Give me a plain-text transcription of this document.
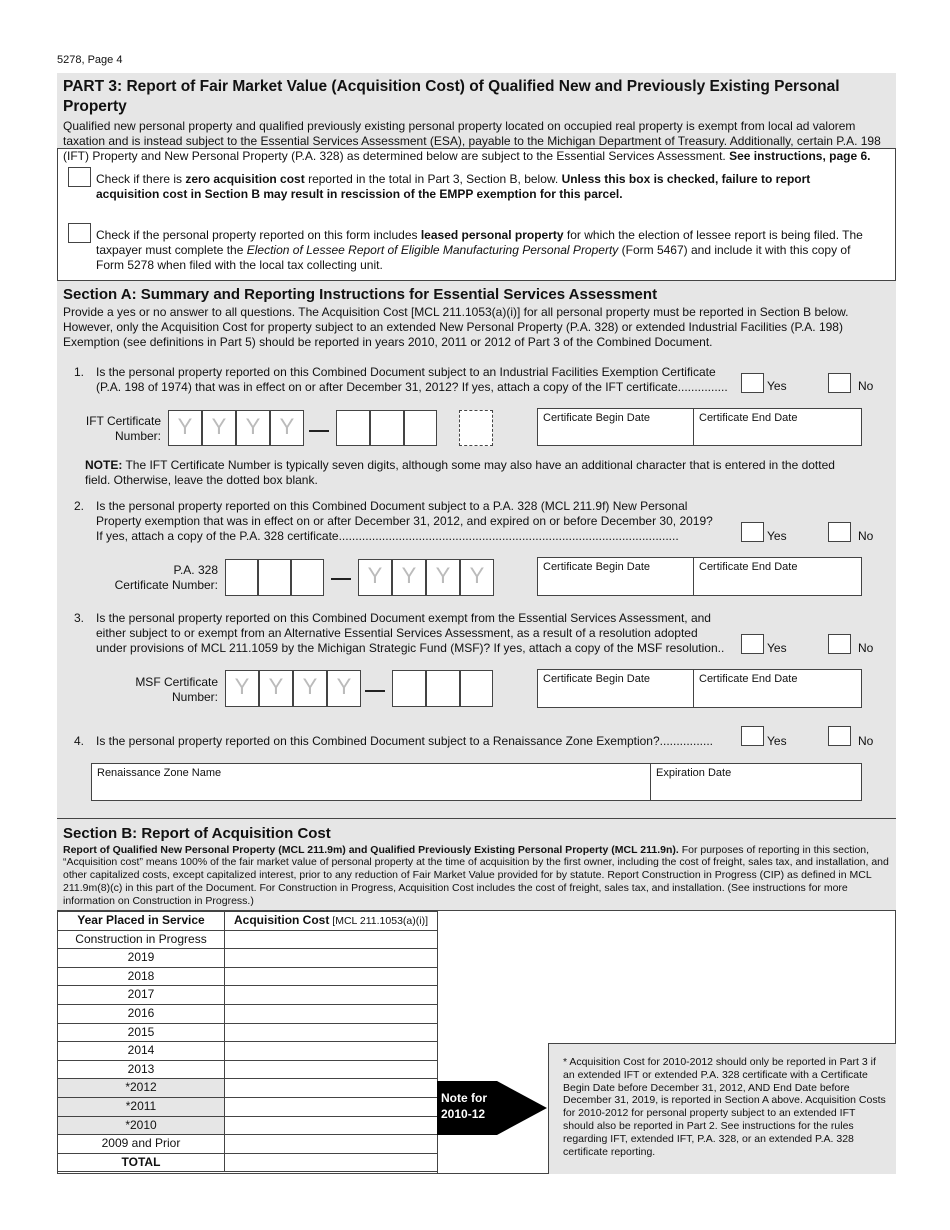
5278, Page 4
PART 3: Report of Fair Market Value (Acquisition Cost) of Qualified New and Previously Existing Personal Property

Qualified new personal property and qualified previously existing personal property located on occupied real property is exempt from local ad valorem taxation and is instead subject to the Essential Services Assessment (ESA), payable to the Michigan Department of Treasury. Additionally, certain P.A. 198 (IFT) Property and New Personal Property (P.A. 328) as determined below are subject to the Essential Services Assessment. See instructions, page 6.

Check if there is zero acquisition cost reported in the total in Part 3, Section B, below. Unless this box is checked, failure to report acquisition cost in Section B may result in rescission of the EMPP exemption for this parcel.
Check if the personal property reported on this form includes leased personal property for which the election of lessee report is being filed. The taxpayer must complete the Election of Lessee Report of Eligible Manufacturing Personal Property (Form 5467) and include it with this copy of Form 5278 when filed with the local tax collecting unit.
Section A: Summary and Reporting Instructions for Essential Services Assessment
Provide a yes or no answer to all questions. The Acquisition Cost [MCL 211.1053(a)(i)] for all personal property must be reported in Section B below. However, only the Acquisition Cost for property subject to an extended New Personal Property (P.A. 328) or extended Industrial Facilities (P.A. 198) Exemption (see definitions in Part 5) should be reported in years 2010, 2011 or 2012 of Part 3 of the Combined Document.
1. Is the personal property reported on this Combined Document subject to an Industrial Facilities Exemption Certificate
(P.A. 198 of 1974) that was in effect on or after December 31, 2012? If yes, attach a copy of the IFT certificate...............	Yes	No
IFT Certificate
Number: Y Y Y Y	Certificate Begin Date	Certificate End Date
NOTE: The IFT Certificate Number is typically seven digits, although some may also have an additional character that is entered in the dotted field. Otherwise, leave the dotted box blank.
2. Is the personal property reported on this Combined Document subject to a P.A. 328 (MCL 211.9f) New Personal
Property exemption that was in effect on or after December 31, 2012, and expired on or before December 30, 2019?
If yes, attach a copy of the P.A. 328 certificate......................................................................................................	Yes	No
P.A. 328
Certificate Number:	Y Y Y Y	Certificate Begin Date	Certificate End Date
3. Is the personal property reported on this Combined Document exempt from the Essential Services Assessment, and
either subject to or exempt from an Alternative Essential Services Assessment, as a result of a resolution adopted
under provisions of MCL 211.1059 by the Michigan Strategic Fund (MSF)? If yes, attach a copy of the MSF resolution..	Yes	No
MSF Certificate
Number: Y Y Y Y	Certificate Begin Date	Certificate End Date
4. Is the personal property reported on this Combined Document subject to a Renaissance Zone Exemption?................	Yes	No
Renaissance Zone Name	Expiration Date
Section B: Report of Acquisition Cost

Report of Qualified New Personal Property (MCL 211.9m) and Qualified Previously Existing Personal Property (MCL 211.9n). For purposes of reporting in this section, “Acquisition cost” means 100% of the fair market value of personal property at the time of acquisition by the first owner, including the cost of freight, sales tax, and installation, and other capitalized costs, except capitalized interest, prior to any reduction of Fair Market Value provided for by statute. Report Construction in Progress (CIP) as defined in MCL 211.9m(8)(c) in this part of the Document. For Construction in Progress, Acquisition Cost includes the cost of freight, sales tax, and installation. (See instructions for more information on Construction in Progress.)

Year Placed in Service	Acquisition Cost [MCL 211.1053(a)(i)]
Construction in Progress	
2019	
2018	
2017	
2016	
2015	
2014	
2013	
*2012	
*2011	
*2010	
2009 and Prior	
TOTAL	
Note for
2010-12
* Acquisition Cost for 2010-2012 should only be reported in Part 3 if an extended IFT or extended P.A. 328 certificate with a Certificate Begin Date before December 31, 2012, AND End Date before December 31, 2019, is reported in Section A above. Acquisition Costs for 2010-2012 for personal property subject to an extended IFT should also be reported in Part 2. See instructions for the rules regarding IFT, extended IFT, P.A. 328, or an extended P.A. 328 certificate reporting.
